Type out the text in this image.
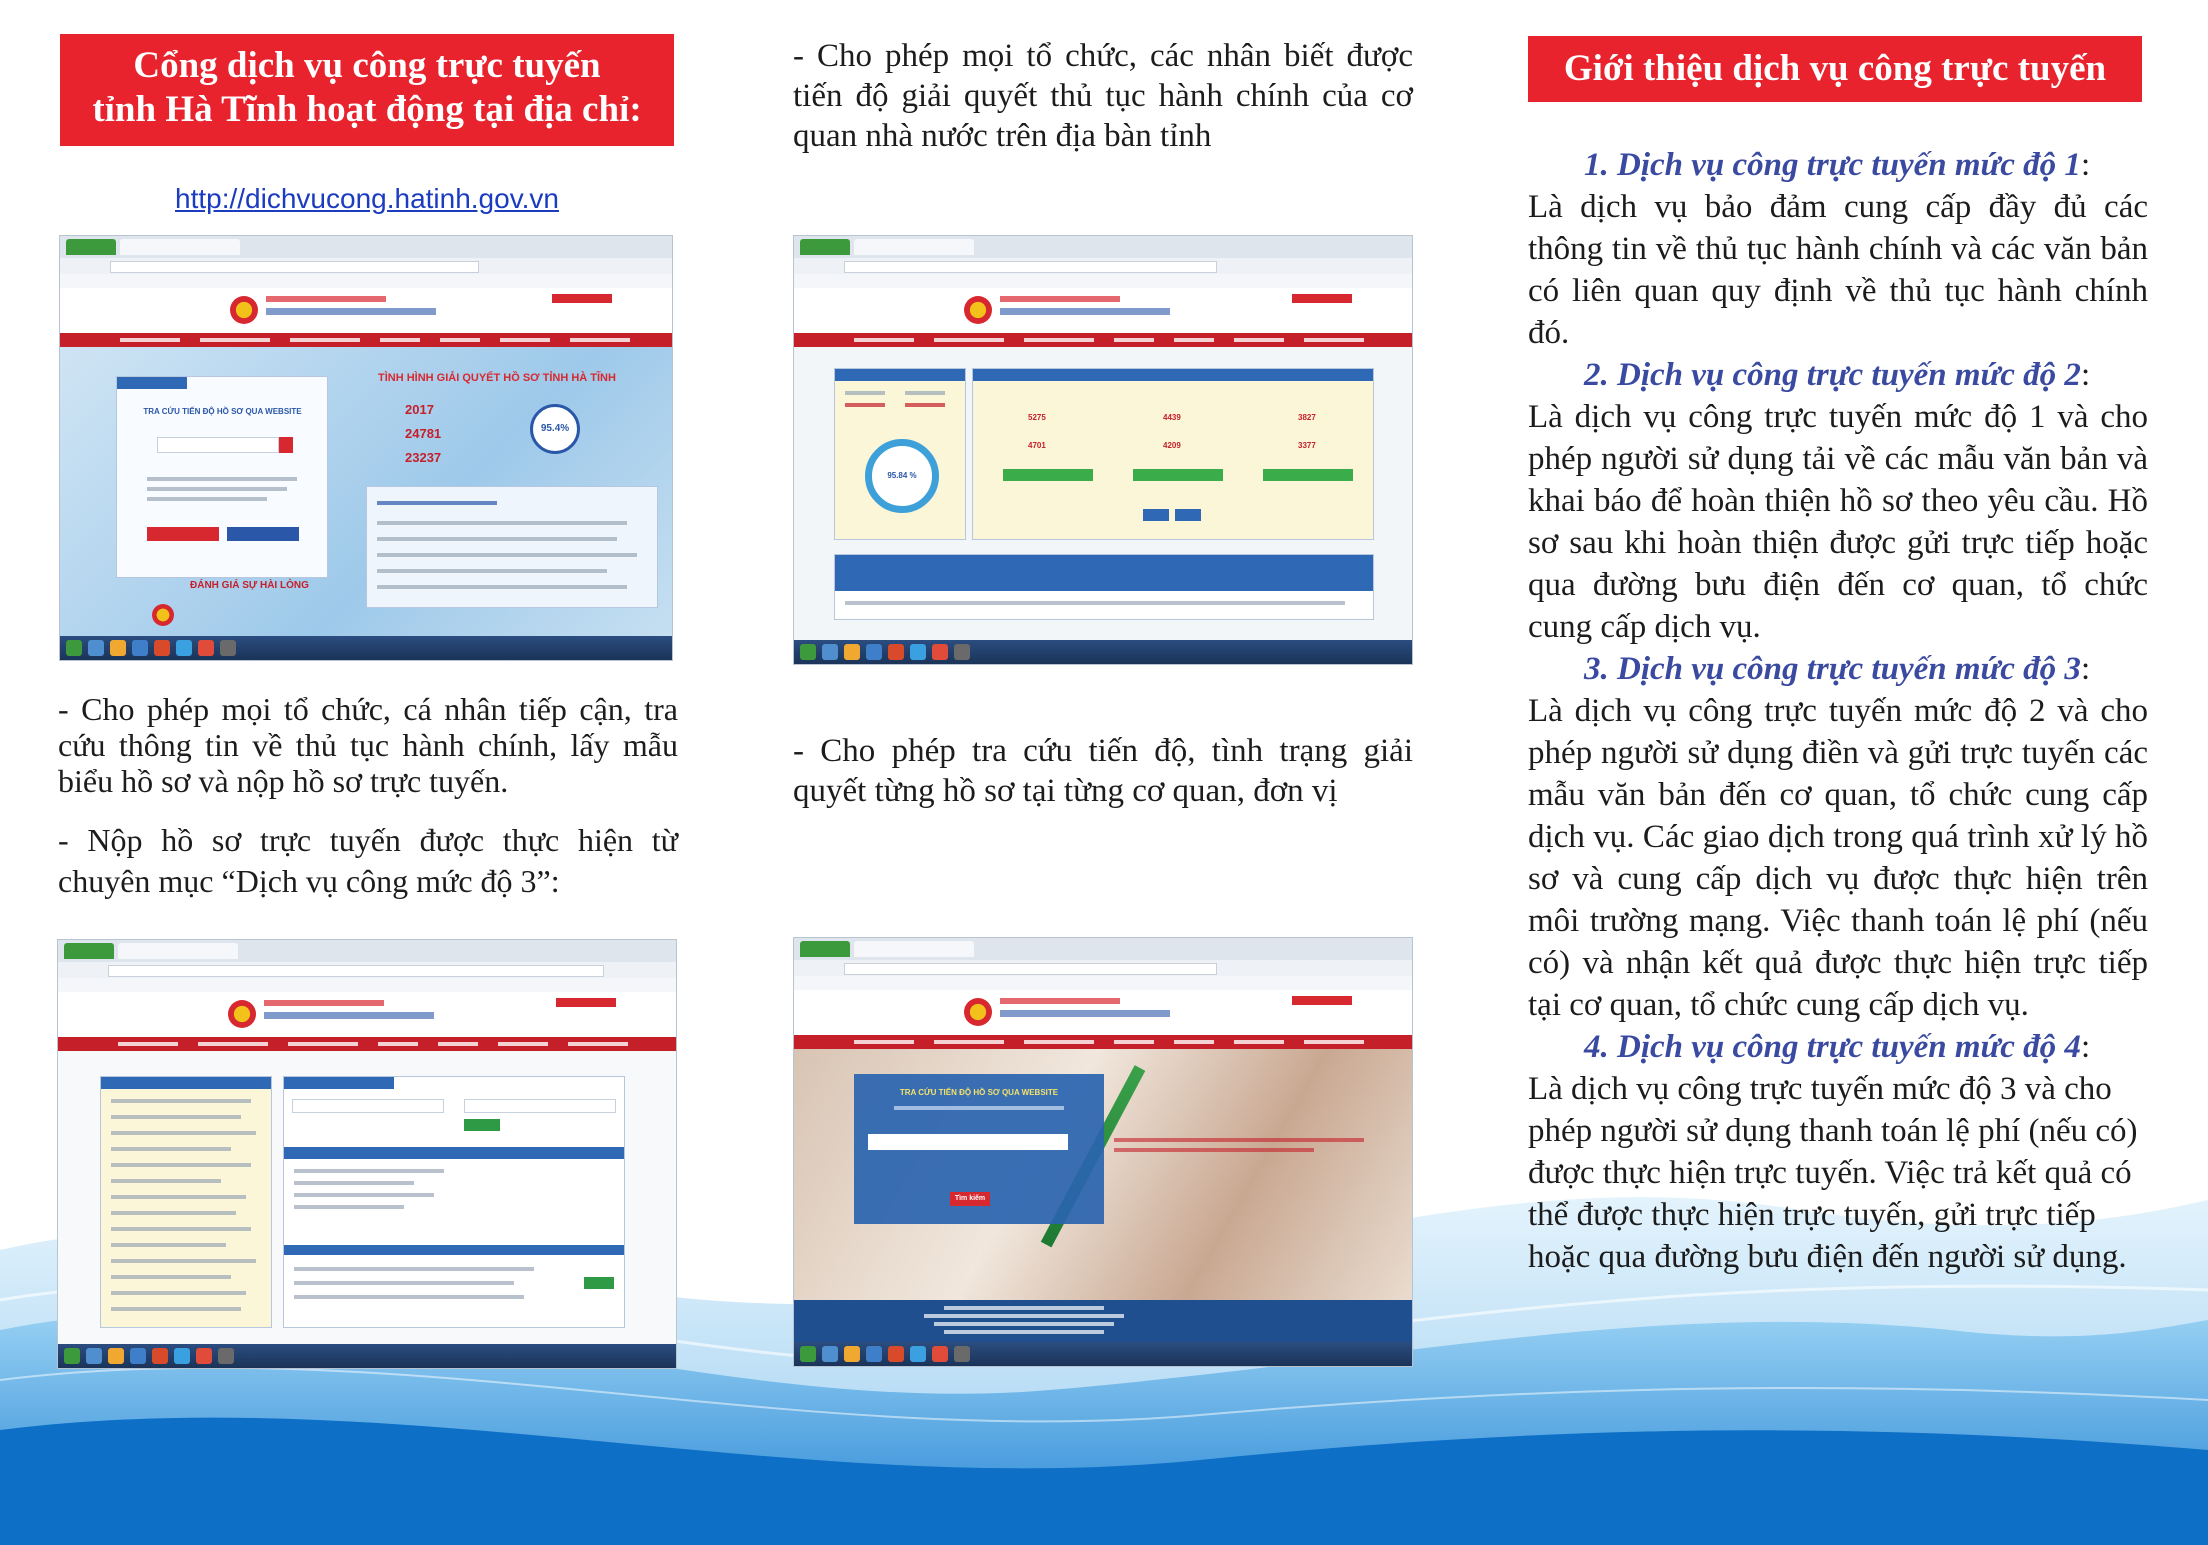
Cổng dịch vụ công trực tuyến
tỉnh Hà Tĩnh hoạt động tại địa chỉ:
http://dichvucong.hatinh.gov.vn
TRA CỨU TIẾN ĐỘ HỒ SƠ QUA WEBSITE
TÌNH HÌNH GIẢI QUYẾT HỒ SƠ TỈNH HÀ TĨNH
2017
24781
23237
95.4%
ĐÁNH GIÁ SỰ HÀI LÒNG

- Cho phép mọi tổ chức, cá nhân tiếp cận, tra cứu thông tin về thủ tục hành chính, lấy mẫu biểu hồ sơ và nộp hồ sơ trực tuyến.

- Nộp hồ sơ trực tuyến được thực hiện từ chuyên mục “Dịch vụ công mức độ 3”:

- Cho phép mọi tổ chức, các nhân biết được tiến độ giải quyết thủ tục hành chính của cơ quan nhà nước trên địa bàn tỉnh

95.84 %
5275	4439	3827
4701	4209	3377

- Cho phép tra cứu tiến độ, tình trạng giải quyết từng hồ sơ tại từng cơ quan, đơn vị

TRA CỨU TIẾN ĐỘ HỒ SƠ QUA WEBSITE
Tìm kiếm
Giới thiệu dịch vụ công trực tuyến

1. Dịch vụ công trực tuyến mức độ 1:

Là dịch vụ bảo đảm cung cấp đầy đủ các thông tin về thủ tục hành chính và các văn bản có liên quan quy định về thủ tục hành chính đó.

2. Dịch vụ công trực tuyến mức độ 2:

Là dịch vụ công trực tuyến mức độ 1 và cho phép người sử dụng tải về các mẫu văn bản và khai báo để hoàn thiện hồ sơ theo yêu cầu. Hồ sơ sau khi hoàn thiện được gửi trực tiếp hoặc qua đường bưu điện đến cơ quan, tổ chức cung cấp dịch vụ.

3. Dịch vụ công trực tuyến mức độ 3:

Là dịch vụ công trực tuyến mức độ 2 và cho phép người sử dụng điền và gửi trực tuyến các mẫu văn bản đến cơ quan, tổ chức cung cấp dịch vụ. Các giao dịch trong quá trình xử lý hồ sơ và cung cấp dịch vụ được thực hiện trên môi trường mạng. Việc thanh toán lệ phí (nếu có) và nhận kết quả được thực hiện trực tiếp tại cơ quan, tổ chức cung cấp dịch vụ.

4. Dịch vụ công trực tuyến mức độ 4:

Là dịch vụ công trực tuyến mức độ 3 và cho phép người sử dụng thanh toán lệ phí (nếu có) được thực hiện trực tuyến. Việc trả kết quả có thể được thực hiện trực tuyến, gửi trực tiếp hoặc qua đường bưu điện đến người sử dụng.
